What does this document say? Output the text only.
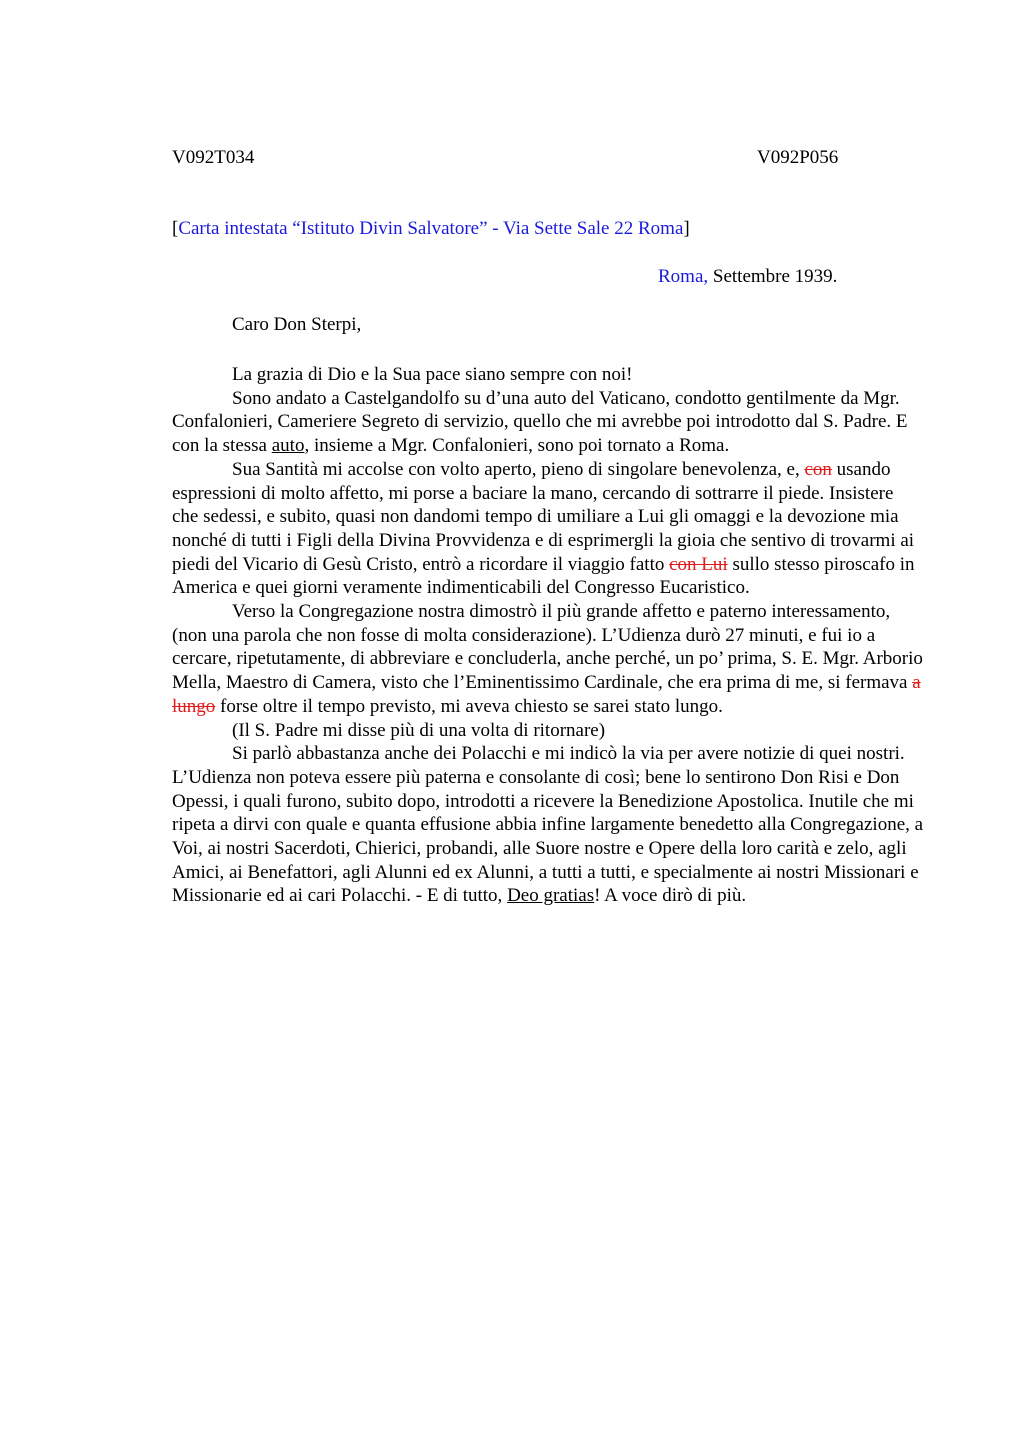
V092T034	V092P056
[Carta intestata “Istituto Divin Salvatore” - Via Sette Sale 22 Roma]
Roma, Settembre 1939.
Caro Don Sterpi,

La grazia di Dio e la Sua pace siano sempre con noi!

Sono andato a Castelgandolfo su d’una auto del Vaticano, condotto gentilmente da Mgr. Confalonieri, Cameriere Segreto di servizio, quello che mi avrebbe poi introdotto dal S. Padre. E con la stessa auto, insieme a Mgr. Confalonieri, sono poi tornato a Roma.

Sua Santità mi accolse con volto aperto, pieno di singolare benevolenza, e, con usando espressioni di molto affetto, mi porse a baciare la mano, cercando di sottrarre il piede. Insistere che sedessi, e subito, quasi non dandomi tempo di umiliare a Lui gli omaggi e la devozione mia nonché di tutti i Figli della Divina Provvidenza e di esprimergli la gioia che sentivo di trovarmi ai piedi del Vicario di Gesù Cristo, entrò a ricordare il viaggio fatto con Lui sullo stesso piroscafo in America e quei giorni veramente indimenticabili del Congresso Eucaristico.

Verso la Congregazione nostra dimostrò il più grande affetto e paterno interessamento, (non una parola che non fosse di molta considerazione). L’Udienza durò 27 minuti, e fui io a cercare, ripetutamente, di abbreviare e concluderla, anche perché, un po’ prima, S. E. Mgr. Arborio Mella, Maestro di Camera, visto che l’Eminentissimo Cardinale, che era prima di me, si fermava a lungo forse oltre il tempo previsto, mi aveva chiesto se sarei stato lungo.

(Il S. Padre mi disse più di una volta di ritornare)

Si parlò abbastanza anche dei Polacchi e mi indicò la via per avere notizie di quei nostri. L’Udienza non poteva essere più paterna e consolante di così; bene lo sentirono Don Risi e Don Opessi, i quali furono, subito dopo, introdotti a ricevere la Benedizione Apostolica. Inutile che mi ripeta a dirvi con quale e quanta effusione abbia infine largamente benedetto alla Congregazione, a Voi, ai nostri Sacerdoti, Chierici, probandi, alle Suore nostre e Opere della loro carità e zelo, agli Amici, ai Benefattori, agli Alunni ed ex Alunni, a tutti a tutti, e specialmente ai nostri Missionari e Missionarie ed ai cari Polacchi. - E di tutto, Deo gratias! A voce dirò di più.
